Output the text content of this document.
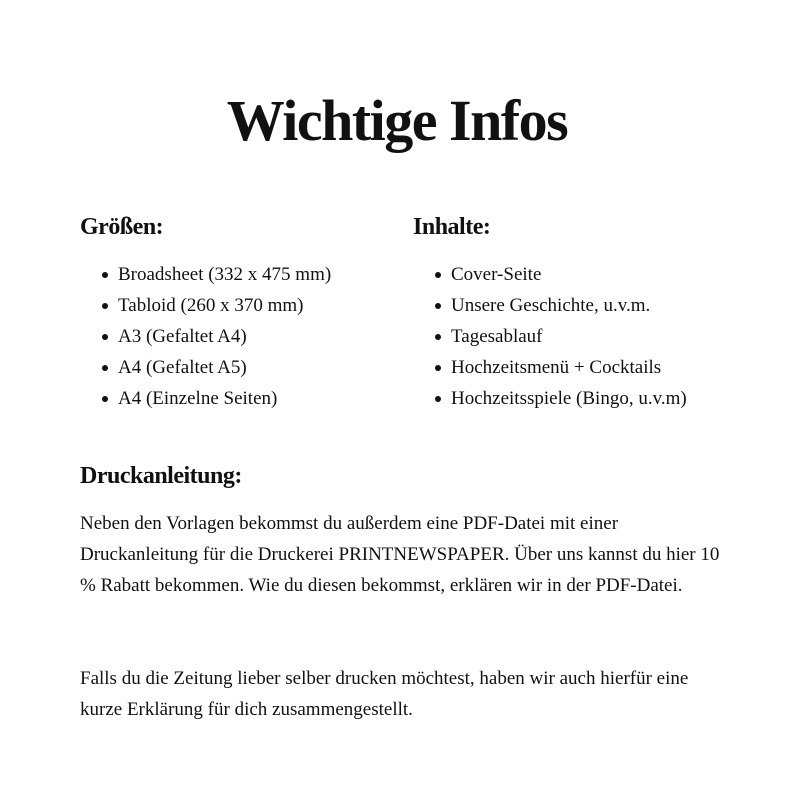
Wichtige Infos
Größen:
Broadsheet (332 x 475 mm)
Tabloid (260 x 370 mm)
A3 (Gefaltet A4)
A4 (Gefaltet A5)
A4 (Einzelne Seiten)
Inhalte:
Cover-Seite
Unsere Geschichte, u.v.m.
Tagesablauf
Hochzeitsmenü + Cocktails
Hochzeitsspiele (Bingo, u.v.m)
Druckanleitung:

Neben den Vorlagen bekommst du außerdem eine PDF-Datei mit einer Druckanleitung für die Druckerei PRINTNEWSPAPER. Über uns kannst du hier 10 % Rabatt bekommen. Wie du diesen bekommst, erklären wir in der PDF-Datei.

Falls du die Zeitung lieber selber drucken möchtest, haben wir auch hierfür eine kurze Erklärung für dich zusammengestellt.
